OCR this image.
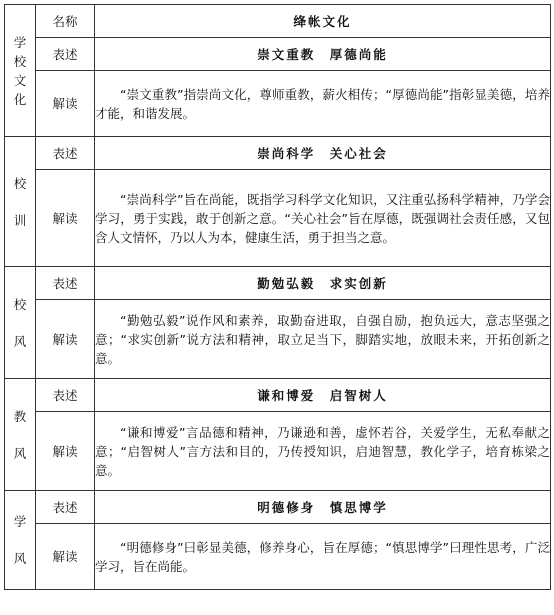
学
校
文
化	名称	绛帐文化
	表述	崇文重教　厚德尚能
	解读	“崇文重教”指崇尚文化，尊师重教，薪火相传；“厚德尚能”指彰显美德，培养才能，和谐发展。

校
训	表述	崇尚科学　关心社会
	解读	“崇尚科学”旨在尚能，既指学习科学文化知识，又注重弘扬科学精神，乃学会学习，勇于实践，敢于创新之意。“关心社会”旨在厚德，既强调社会责任感，又包含人文情怀，乃以人为本，健康生活，勇于担当之意。

校
风	表述	勤勉弘毅　求实创新
	解读	“勤勉弘毅”说作风和素养，取勤奋进取，自强自励，抱负远大，意志坚强之意；“求实创新”说方法和精神，取立足当下，脚踏实地，放眼未来，开拓创新之意。

教
风	表述	谦和博爱　启智树人
	解读	“谦和博爱”言品德和精神，乃谦逊和善，虚怀若谷，关爱学生，无私奉献之意；“启智树人”言方法和目的，乃传授知识，启迪智慧，教化学子，培育栋梁之意。

学
风	表述	明德修身　慎思博学
	解读	“明德修身”曰彰显美德，修养身心，旨在厚德；“慎思博学”曰理性思考，广泛学习，旨在尚能。
